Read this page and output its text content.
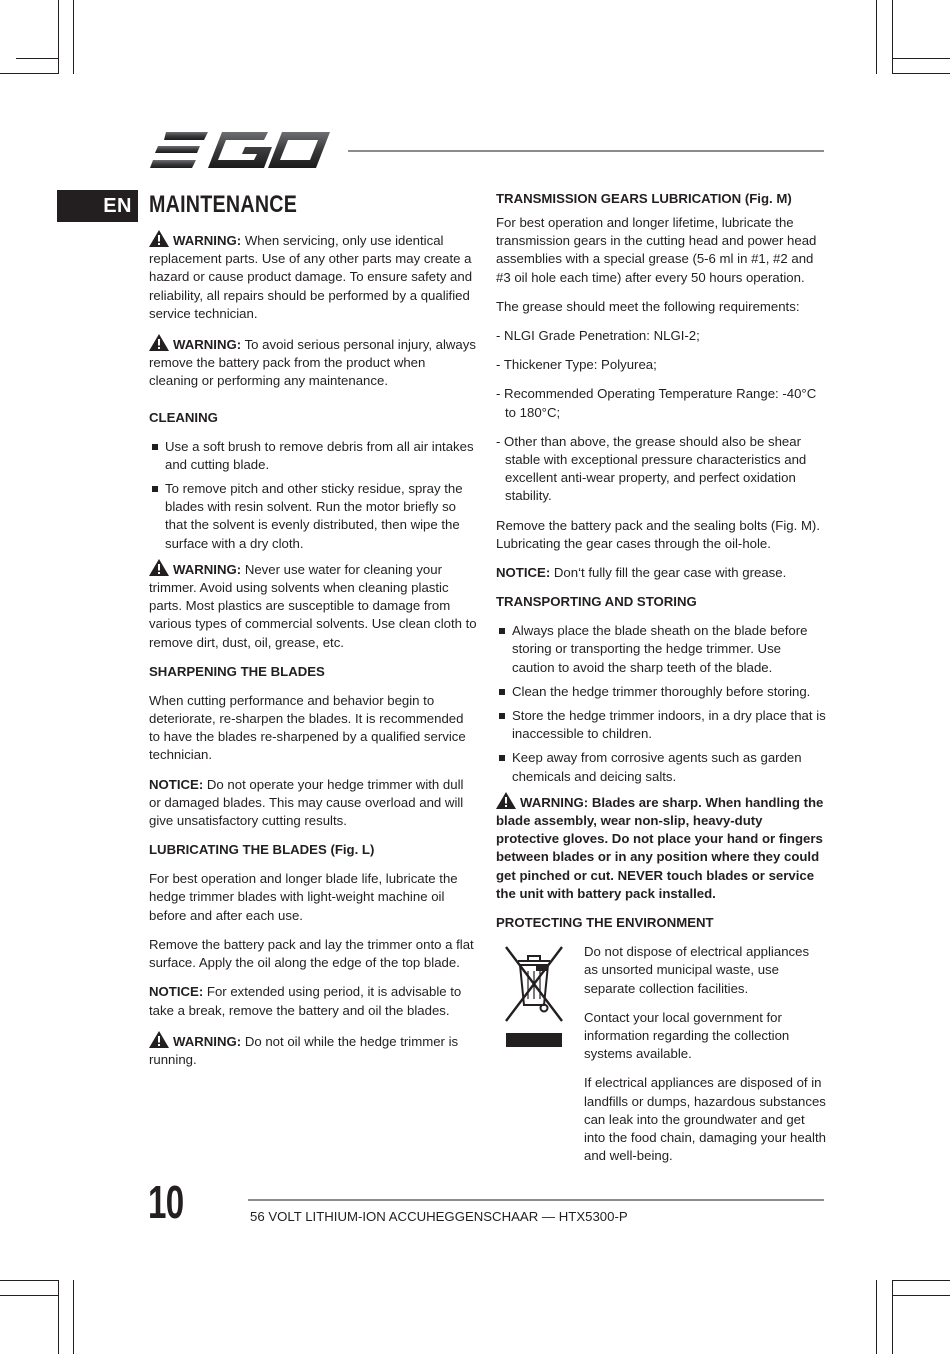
EN MAINTENANCE

WARNING: When servicing, only use identical replacement parts. Use of any other parts may create a hazard or cause product damage. To ensure safety and reliability, all repairs should be performed by a qualified service technician.

WARNING: To avoid serious personal injury, always remove the battery pack from the product when cleaning or performing any maintenance.

CLEANING
Use a soft brush to remove debris from all air intakes and cutting blade.
To remove pitch and other sticky residue, spray the blades with resin solvent. Run the motor briefly so that the solvent is evenly distributed, then wipe the surface with a dry cloth.

WARNING: Never use water for cleaning your trimmer. Avoid using solvents when cleaning plastic parts. Most plastics are susceptible to damage from various types of commercial solvents. Use clean cloth to remove dirt, dust, oil, grease, etc.

SHARPENING THE BLADES

When cutting performance and behavior begin to deteriorate, re-sharpen the blades. It is recommended to have the blades re-sharpened by a qualified service technician.

NOTICE: Do not operate your hedge trimmer with dull or damaged blades. This may cause overload and will give unsatisfactory cutting results.

LUBRICATING THE BLADES (Fig. L)

For best operation and longer blade life, lubricate the hedge trimmer blades with light-weight machine oil before and after each use.

Remove the battery pack and lay the trimmer onto a flat surface. Apply the oil along the edge of the top blade.

NOTICE: For extended using period, it is advisable to take a break, remove the battery and oil the blades.

WARNING: Do not oil while the hedge trimmer is running.

TRANSMISSION GEARS LUBRICATION (Fig. M)

For best operation and longer lifetime, lubricate the transmission gears in the cutting head and power head assemblies with a special grease (5-6 ml in #1, #2 and #3 oil hole each time) after every 50 hours operation.

The grease should meet the following requirements:

- NLGI Grade Penetration: NLGI-2;

- Thickener Type: Polyurea;

- Recommended Operating Temperature Range: -40°C to 180°C;

- Other than above, the grease should also be shear stable with exceptional pressure characteristics and excellent anti-wear property, and perfect oxidation stability.

Remove the battery pack and the sealing bolts (Fig. M). Lubricating the gear cases through the oil-hole.

NOTICE: Don‘t fully fill the gear case with grease.

TRANSPORTING AND STORING
Always place the blade sheath on the blade before storing or transporting the hedge trimmer. Use caution to avoid the sharp teeth of the blade.
Clean the hedge trimmer thoroughly before storing.
Store the hedge trimmer indoors, in a dry place that is inaccessible to children.
Keep away from corrosive agents such as garden chemicals and deicing salts.

WARNING: Blades are sharp. When handling the blade assembly, wear non-slip, heavy-duty protective gloves. Do not place your hand or fingers between blades or in any position where they could get pinched or cut. NEVER touch blades or service the unit with battery pack installed.

PROTECTING THE ENVIRONMENT

Do not dispose of electrical appliances as unsorted municipal waste, use separate collection facilities.

Contact your local government for information regarding the collection systems available.

If electrical appliances are disposed of in landfills or dumps, hazardous substances can leak into the groundwater and get into the food chain, damaging your health and well-being.

10	56 VOLT LITHIUM-ION ACCUHEGGENSCHAAR — HTX5300-P
